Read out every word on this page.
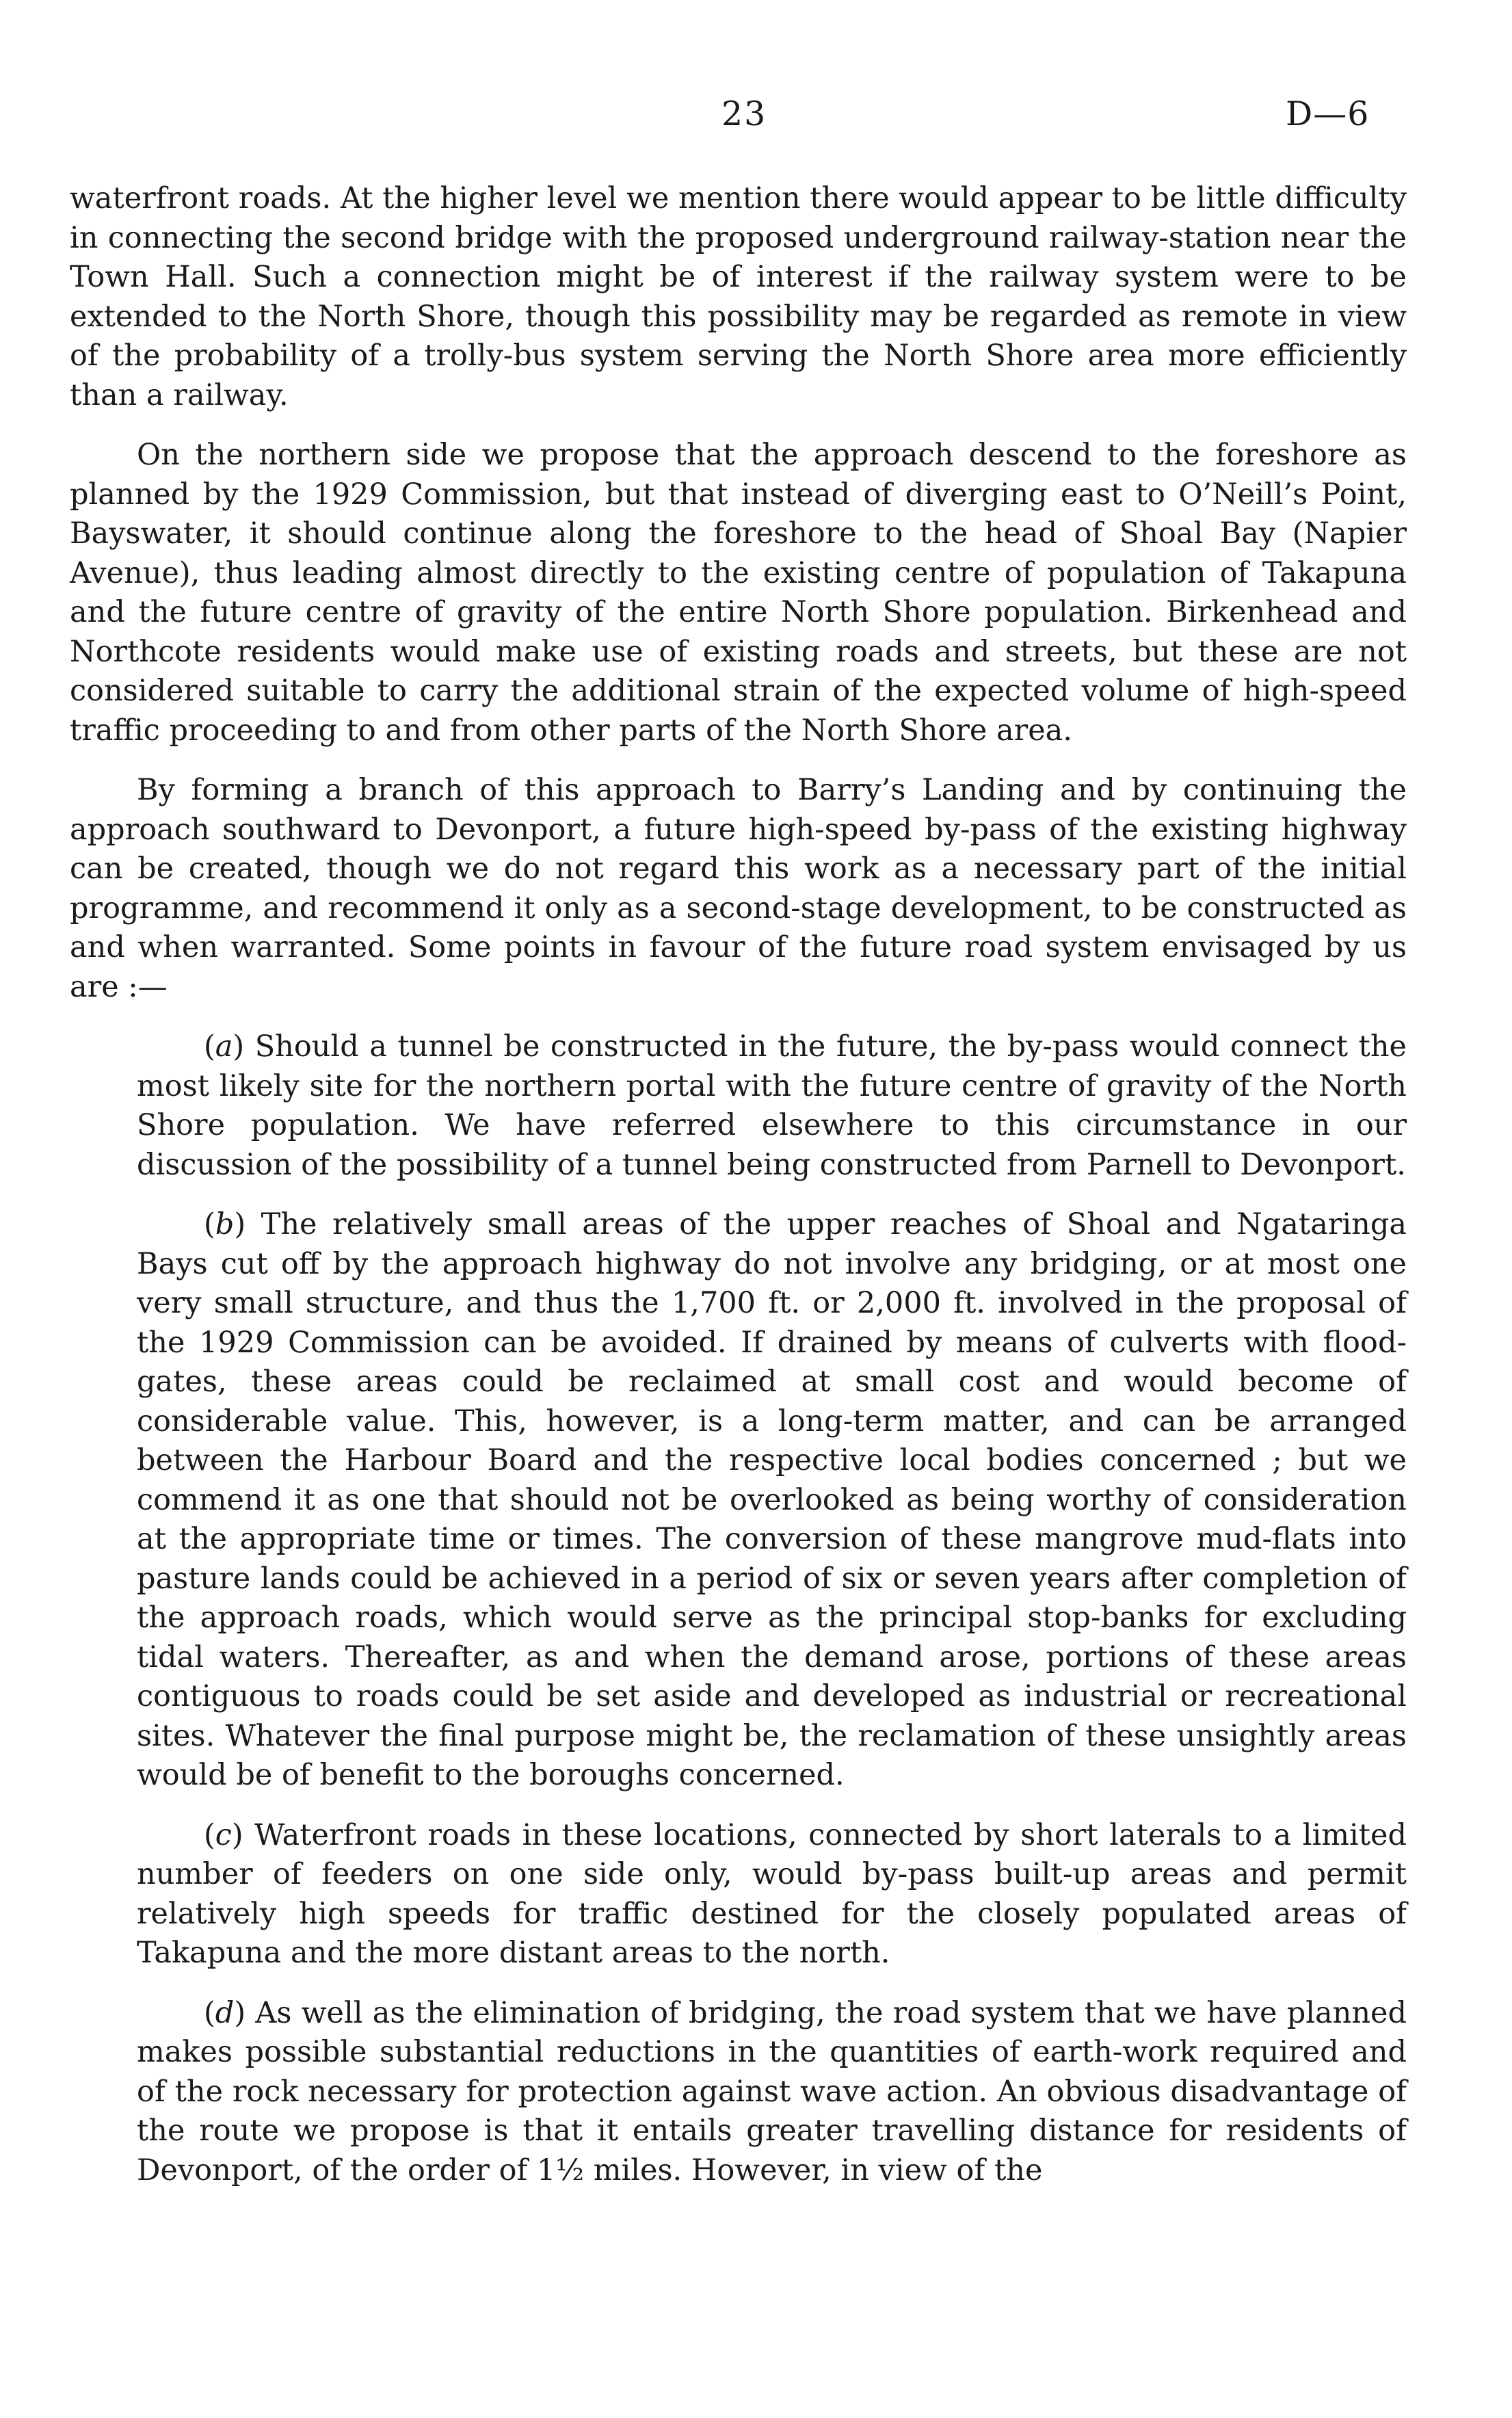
23	D—6

waterfront roads. At the higher level we mention there would appear to be little difficulty in connecting the second bridge with the proposed underground railway-station near the Town Hall. Such a connection might be of interest if the railway system were to be extended to the North Shore, though this possibility may be regarded as remote in view of the probability of a trolly-bus system serving the North Shore area more efficiently than a railway.

On the northern side we propose that the approach descend to the foreshore as planned by the 1929 Commission, but that instead of diverging east to O’Neill’s Point, Bayswater, it should continue along the foreshore to the head of Shoal Bay (Napier Avenue), thus leading almost directly to the existing centre of population of Takapuna and the future centre of gravity of the entire North Shore population. Birkenhead and Northcote residents would make use of existing roads and streets, but these are not considered suitable to carry the additional strain of the expected volume of high-speed traffic proceeding to and from other parts of the North Shore area.

By forming a branch of this approach to Barry’s Landing and by continuing the approach southward to Devonport, a future high-speed by-pass of the existing highway can be created, though we do not regard this work as a necessary part of the initial programme, and recommend it only as a second-stage development, to be constructed as and when warranted. Some points in favour of the future road system envisaged by us are :—

(a) Should a tunnel be constructed in the future, the by-pass would connect the most likely site for the northern portal with the future centre of gravity of the North Shore population. We have referred elsewhere to this circumstance in our discussion of the possibility of a tunnel being constructed from Parnell to Devonport.

(b) The relatively small areas of the upper reaches of Shoal and Ngataringa Bays cut off by the approach highway do not involve any bridging, or at most one very small structure, and thus the 1,700 ft. or 2,000 ft. involved in the proposal of the 1929 Commission can be avoided. If drained by means of culverts with flood-gates, these areas could be reclaimed at small cost and would become of considerable value. This, however, is a long-term matter, and can be arranged between the Harbour Board and the respective local bodies concerned ; but we commend it as one that should not be overlooked as being worthy of consideration at the appropriate time or times. The conversion of these mangrove mud-flats into pasture lands could be achieved in a period of six or seven years after completion of the approach roads, which would serve as the principal stop-banks for excluding tidal waters. Thereafter, as and when the demand arose, portions of these areas contiguous to roads could be set aside and developed as industrial or recreational sites. Whatever the final purpose might be, the reclamation of these unsightly areas would be of benefit to the boroughs concerned.

(c) Waterfront roads in these locations, connected by short laterals to a limited number of feeders on one side only, would by-pass built-up areas and permit relatively high speeds for traffic destined for the closely populated areas of Takapuna and the more distant areas to the north.

(d) As well as the elimination of bridging, the road system that we have planned makes possible substantial reductions in the quantities of earth-work required and of the rock necessary for protection against wave action. An obvious disadvantage of the route we propose is that it entails greater travelling distance for residents of Devonport, of the order of 1½ miles. However, in view of the
